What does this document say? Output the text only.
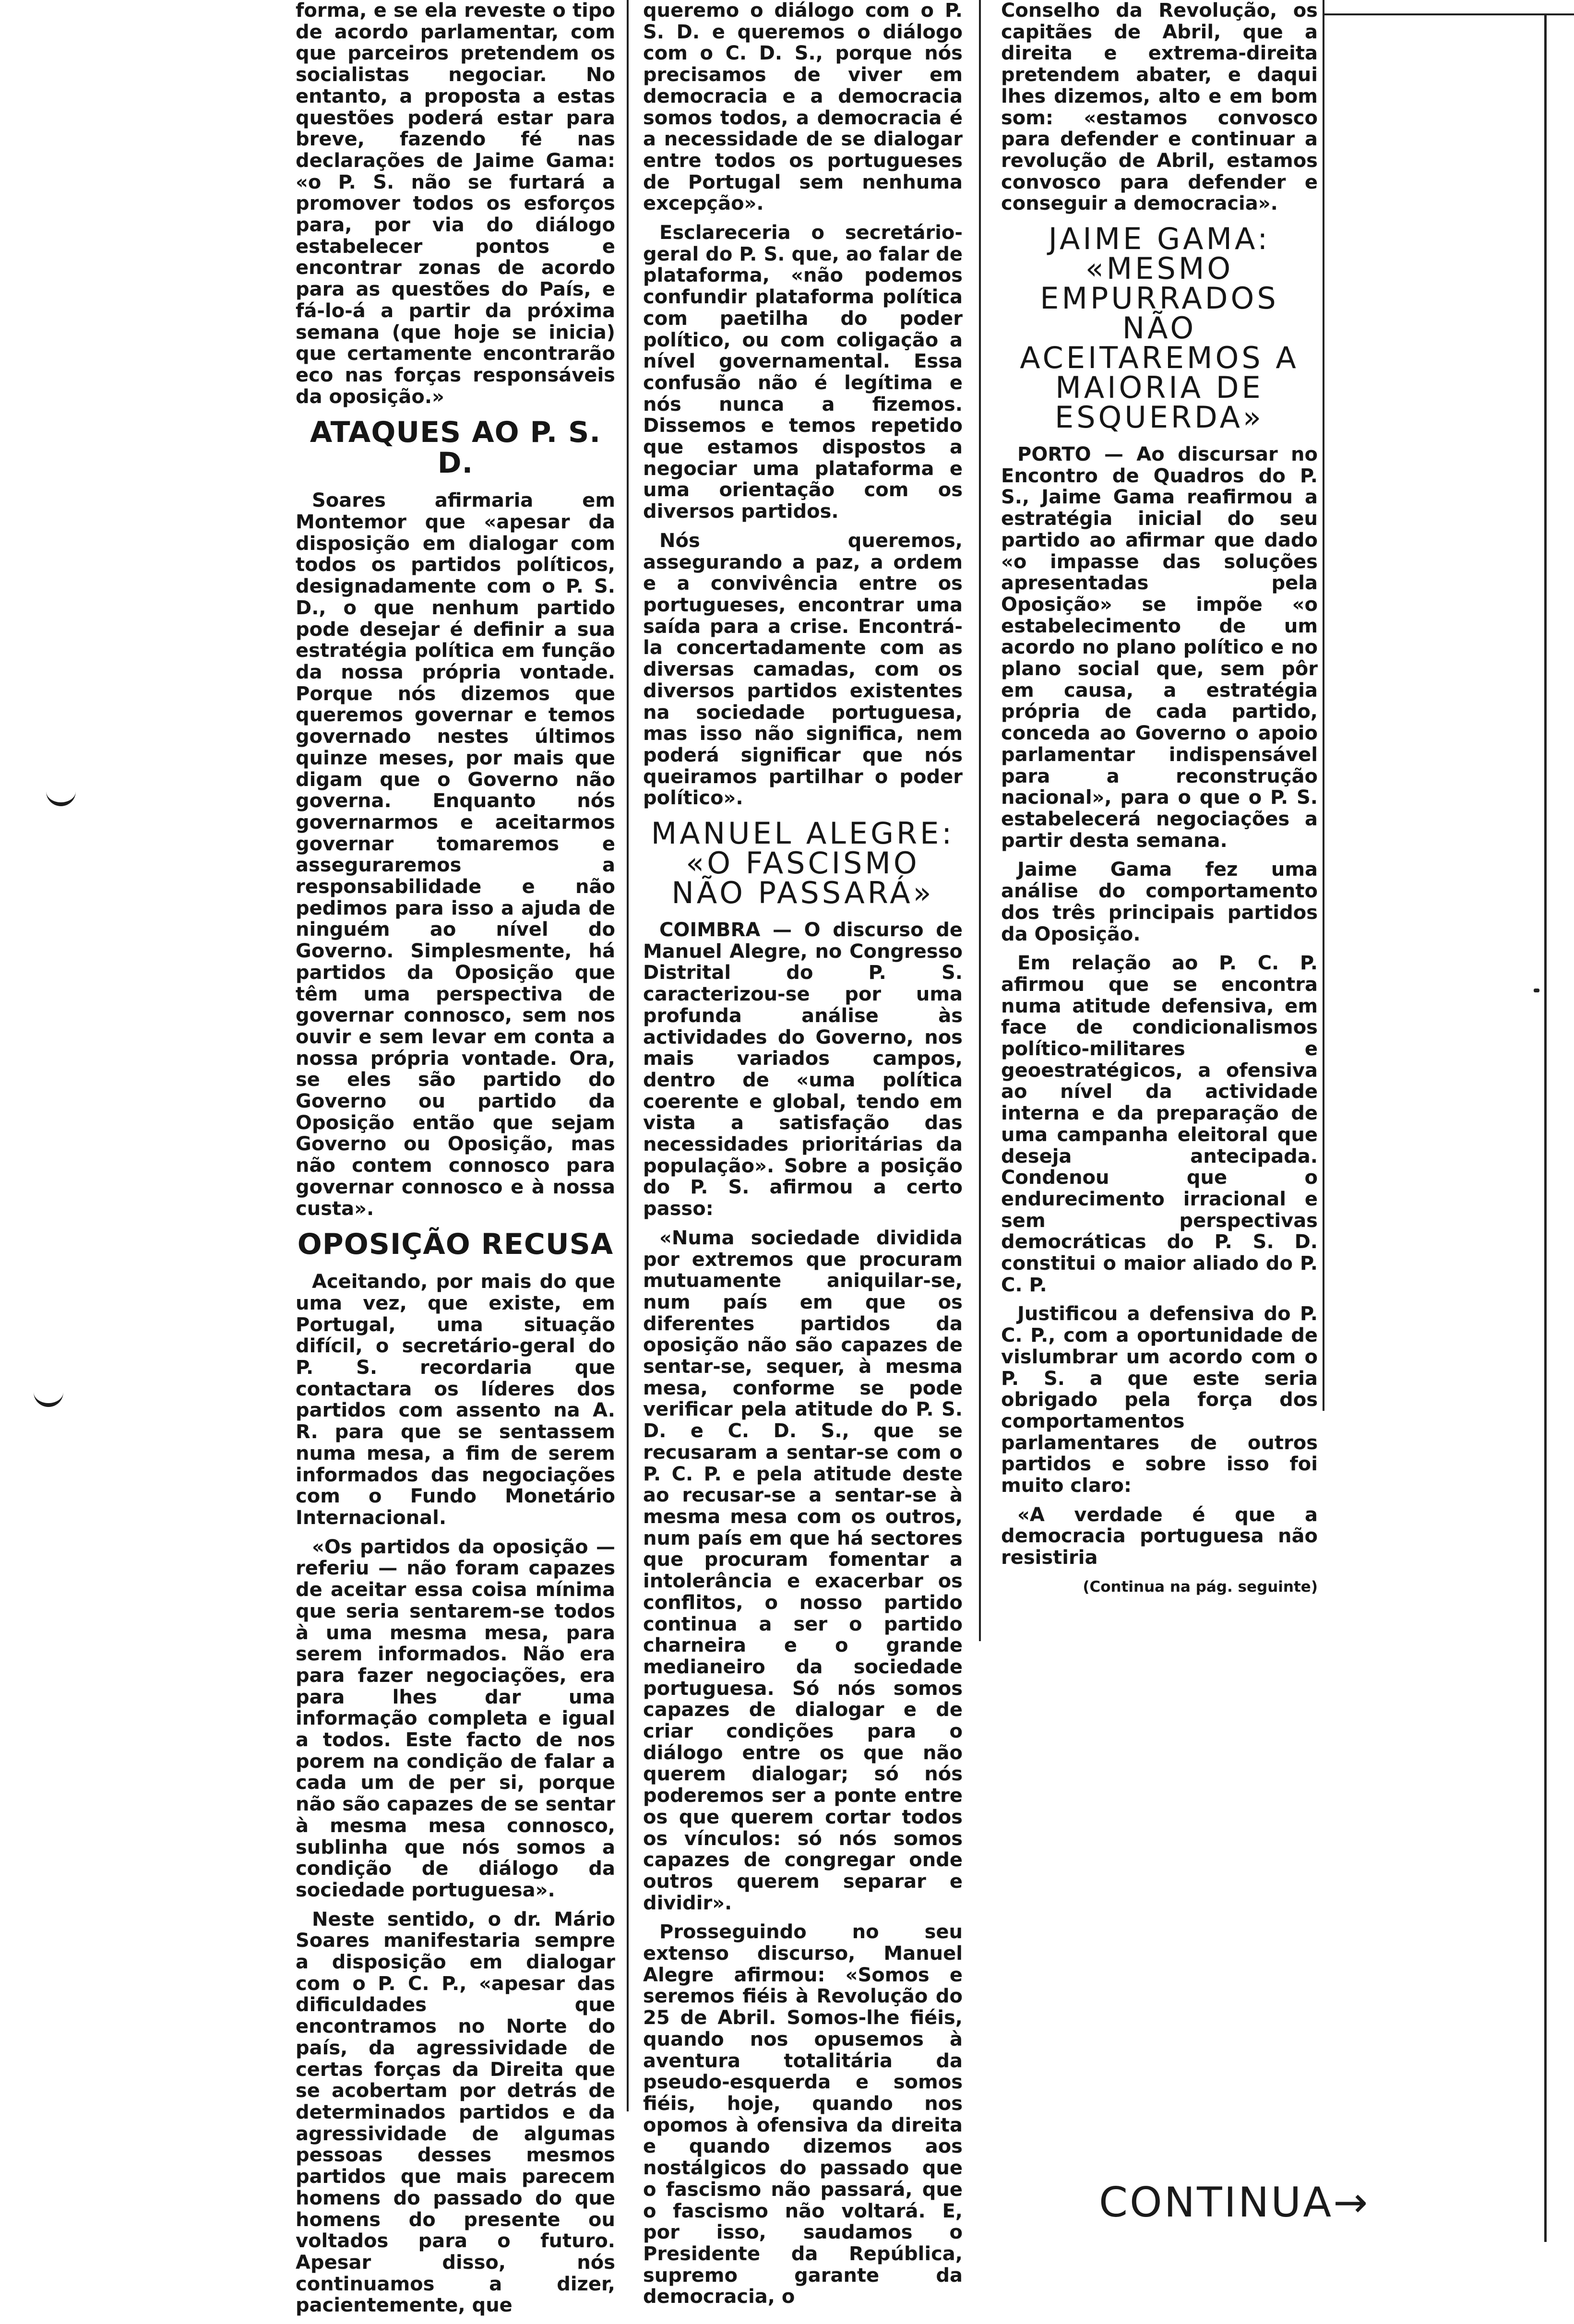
forma, e se ela reveste o tipo de acordo parlamentar, com que parceiros pretendem os socialistas negociar. No entanto, a proposta a estas questões poderá estar para breve, fazendo fé nas declarações de Jaime Gama: «o P. S. não se furtará a promover todos os esforços para, por via do diálogo estabelecer pontos e encontrar zonas de acordo para as questões do País, e fá-lo-á a partir da próxima semana (que hoje se inicia) que certamente encontrarão eco nas forças responsáveis da oposição.»

ATAQUES AO P. S. D.

Soares afirmaria em Montemor que «apesar da disposição em dialogar com todos os partidos políticos, designadamente com o P. S. D., o que nenhum partido pode desejar é definir a sua estratégia política em função da nossa própria vontade. Porque nós dizemos que queremos governar e temos governado nestes últimos quinze meses, por mais que digam que o Governo não governa. Enquanto nós governarmos e aceitarmos governar tomaremos e asseguraremos a responsabilidade e não pedimos para isso a ajuda de ninguém ao nível do Governo. Simplesmente, há partidos da Oposição que têm uma perspectiva de governar connosco, sem nos ouvir e sem levar em conta a nossa própria vontade. Ora, se eles são partido do Governo ou partido da Oposição então que sejam Governo ou Oposição, mas não contem connosco para governar connosco e à nossa custa».

OPOSIÇÃO RECUSA

Aceitando, por mais do que uma vez, que existe, em Portugal, uma situação difícil, o secretário-geral do P. S. recordaria que contactara os líderes dos partidos com assento na A. R. para que se sentassem numa mesa, a fim de serem informados das negociações com o Fundo Monetário Internacional.

«Os partidos da oposição — referiu — não foram capazes de aceitar essa coisa mínima que seria sentarem-se todos à uma mesma mesa, para serem informados. Não era para fazer negociações, era para lhes dar uma informação completa e igual a todos. Este facto de nos porem na condição de falar a cada um de per si, porque não são capazes de se sentar à mesma mesa connosco, sublinha que nós somos a condição de diálogo da sociedade portuguesa».

Neste sentido, o dr. Mário Soares manifestaria sempre a disposição em dialogar com o P. C. P., «apesar das dificuldades que encontramos no Norte do país, da agressividade de certas forças da Direita que se acobertam por detrás de determinados partidos e da agressividade de algumas pessoas desses mesmos partidos que mais parecem homens do passado do que homens do presente ou voltados para o futuro. Apesar disso, nós continuamos a dizer, pacientemente, que

queremo o diálogo com o P. S. D. e queremos o diálogo com o C. D. S., porque nós precisamos de viver em democracia e a democracia somos todos, a democracia é a necessidade de se dialogar entre todos os portugueses de Portugal sem nenhuma excepção».

Esclareceria o secretário-geral do P. S. que, ao falar de plataforma, «não podemos confundir plataforma política com paetilha do poder político, ou com coligação a nível governamental. Essa confusão não é legítima e nós nunca a fizemos. Dissemos e temos repetido que estamos dispostos a negociar uma plataforma e uma orientação com os diversos partidos.

Nós queremos, assegurando a paz, a ordem e a convivência entre os portugueses, encontrar uma saída para a crise. Encontrá-la concertadamente com as diversas camadas, com os diversos partidos existentes na sociedade portuguesa, mas isso não significa, nem poderá significar que nós queiramos partilhar o poder político».

MANUEL ALEGRE: «O FASCISMO NÃO PASSARÁ»

COIMBRA — O discurso de Manuel Alegre, no Congresso Distrital do P. S. caracterizou-se por uma profunda análise às actividades do Governo, nos mais variados campos, dentro de «uma política coerente e global, tendo em vista a satisfação das necessidades prioritárias da população». Sobre a posição do P. S. afirmou a certo passo:

«Numa sociedade dividida por extremos que procuram mutuamente aniquilar-se, num país em que os diferentes partidos da oposição não são capazes de sentar-se, sequer, à mesma mesa, conforme se pode verificar pela atitude do P. S. D. e C. D. S., que se recusaram a sentar-se com o P. C. P. e pela atitude deste ao recusar-se a sentar-se à mesma mesa com os outros, num país em que há sectores que procuram fomentar a intolerância e exacerbar os conflitos, o nosso partido continua a ser o partido charneira e o grande medianeiro da sociedade portuguesa. Só nós somos capazes de dialogar e de criar condições para o diálogo entre os que não querem dialogar; só nós poderemos ser a ponte entre os que querem cortar todos os vínculos: só nós somos capazes de congregar onde outros querem separar e dividir».

Prosseguindo no seu extenso discurso, Manuel Alegre afirmou: «Somos e seremos fiéis à Revolução do 25 de Abril. Somos-lhe fiéis, quando nos opusemos à aventura totalitária da pseudo-esquerda e somos fiéis, hoje, quando nos opomos à ofensiva da direita e quando dizemos aos nostálgicos do passado que o fascismo não passará, que o fascismo não voltará. E, por isso, saudamos o Presidente da República, supremo garante da democracia, o

Conselho da Revolução, os capitães de Abril, que a direita e extrema-direita pretendem abater, e daqui lhes dizemos, alto e em bom som: «estamos convosco para defender e continuar a revolução de Abril, estamos convosco para defender e conseguir a democracia».

JAIME GAMA: «MESMO EMPURRADOS NÃO ACEITAREMOS A MAIORIA DE ESQUERDA»

PORTO — Ao discursar no Encontro de Quadros do P. S., Jaime Gama reafirmou a estratégia inicial do seu partido ao afirmar que dado «o impasse das soluções apresentadas pela Oposição» se impõe «o estabelecimento de um acordo no plano político e no plano social que, sem pôr em causa, a estratégia própria de cada partido, conceda ao Governo o apoio parlamentar indispensável para a reconstrução nacional», para o que o P. S. estabelecerá negociações a partir desta semana.

Jaime Gama fez uma análise do comportamento dos três principais partidos da Oposição.

Em relação ao P. C. P. afirmou que se encontra numa atitude defensiva, em face de condicionalismos político-militares e geoestratégicos, a ofensiva ao nível da actividade interna e da preparação de uma campanha eleitoral que deseja antecipada. Condenou que o endurecimento irracional e sem perspectivas democráticas do P. S. D. constitui o maior aliado do P. C. P.

Justificou a defensiva do P. C. P., com a oportunidade de vislumbrar um acordo com o P. S. a que este seria obrigado pela força dos comportamentos parlamentares de outros partidos e sobre isso foi muito claro:

«A verdade é que a democracia portuguesa não resistiria

(Continua na pág. seguinte)

CONTINUA→
